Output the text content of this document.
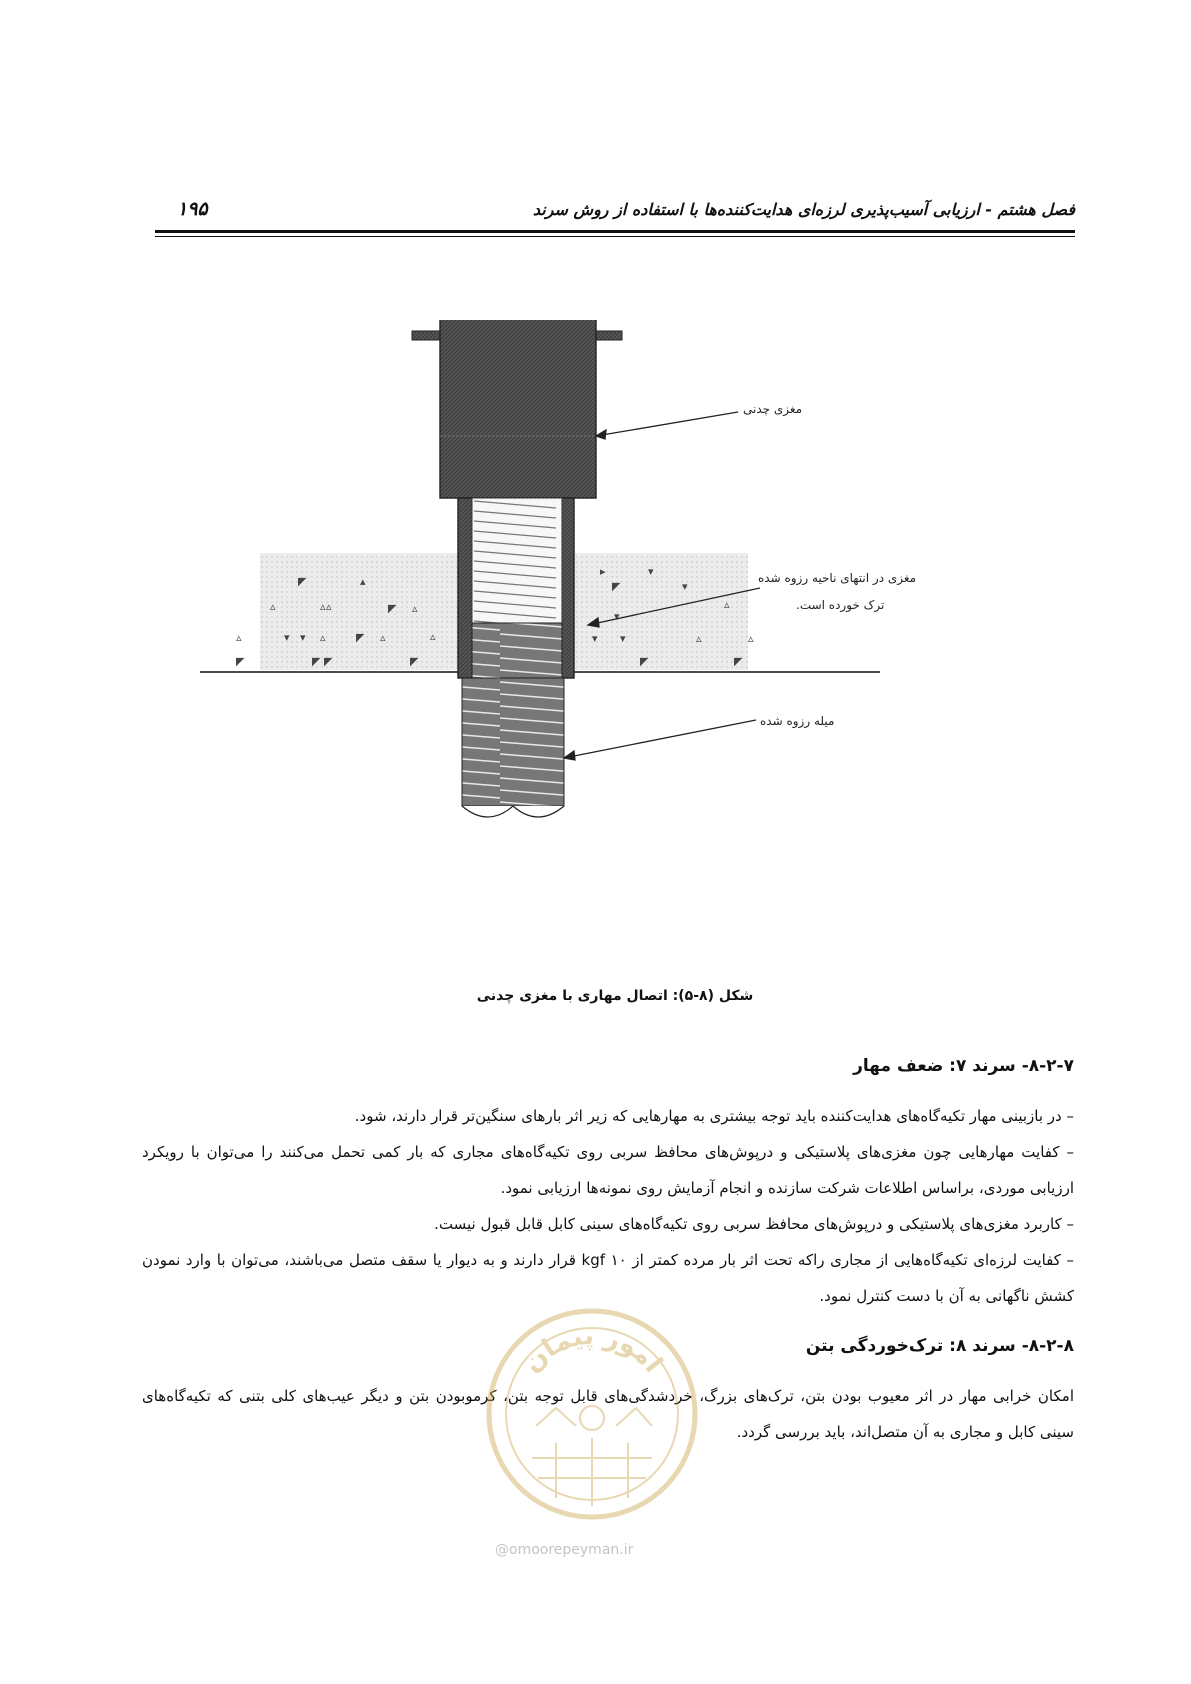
فصل هشتم - ارزیابی آسیب‌پذیری لرزه‌ای هدایت‌کننده‌ها با استفاده از روش سرند
۱۹۵
▵
◤
▵
▴
▵	◤
▾ ▾	▵
▵
▵
◤
▵
▵
◤
◤
◤	◤
▸
◤
▾
▾
▾
▵
▵
▾	▵
◤	◤
▾
مغزی چدنی
مغزی در انتهای ناحیه رزوه شده
ترک خورده است.
میله رزوه شده
شکل (۸-۵): اتصال مهاری با مغزی چدنی
۸-۲-۷- سرند ۷: ضعف مهار
– در بازبینی مهار تکیه‌گاه‌های هدایت‌کننده باید توجه بیشتری به مهارهایی که زیر اثر بارهای سنگین‌تر قرار دارند، شود.
– کفایت مهارهایی چون مغزی‌های پلاستیکی و درپوش‌های محافظ سربی روی تکیه‌گاه‌های مجاری که بار کمی تحمل می‌کنند را می‌توان با رویکرد ارزیابی موردی، براساس اطلاعات شرکت سازنده و انجام آزمایش روی نمونه‌ها ارزیابی نمود.
– کاربرد مغزی‌های پلاستیکی و درپوش‌های محافظ سربی روی تکیه‌گاه‌های سینی کابل قابل قبول نیست.
– کفایت لرزه‌ای تکیه‌گاه‌هایی از مجاری راکه تحت اثر بار مرده کمتر از ۱۰ kgf قرار دارند و به دیوار یا سقف متصل می‌باشند، می‌توان با وارد نمودن کشش ناگهانی به آن با دست کنترل نمود.
۸-۲-۸- سرند ۸: ترک‌خوردگی بتن
امکان خرابی مهار در اثر معیوب بودن بتن، ترک‌های بزرگ، خردشدگی‌های قابل توجه بتن، کرموبودن بتن و دیگر عیب‌های کلی بتنی که تکیه‌گاه‌های سینی کابل و مجاری به آن متصل‌اند، باید بررسی گردد.
امور پیمان
@omoorepeyman.ir
